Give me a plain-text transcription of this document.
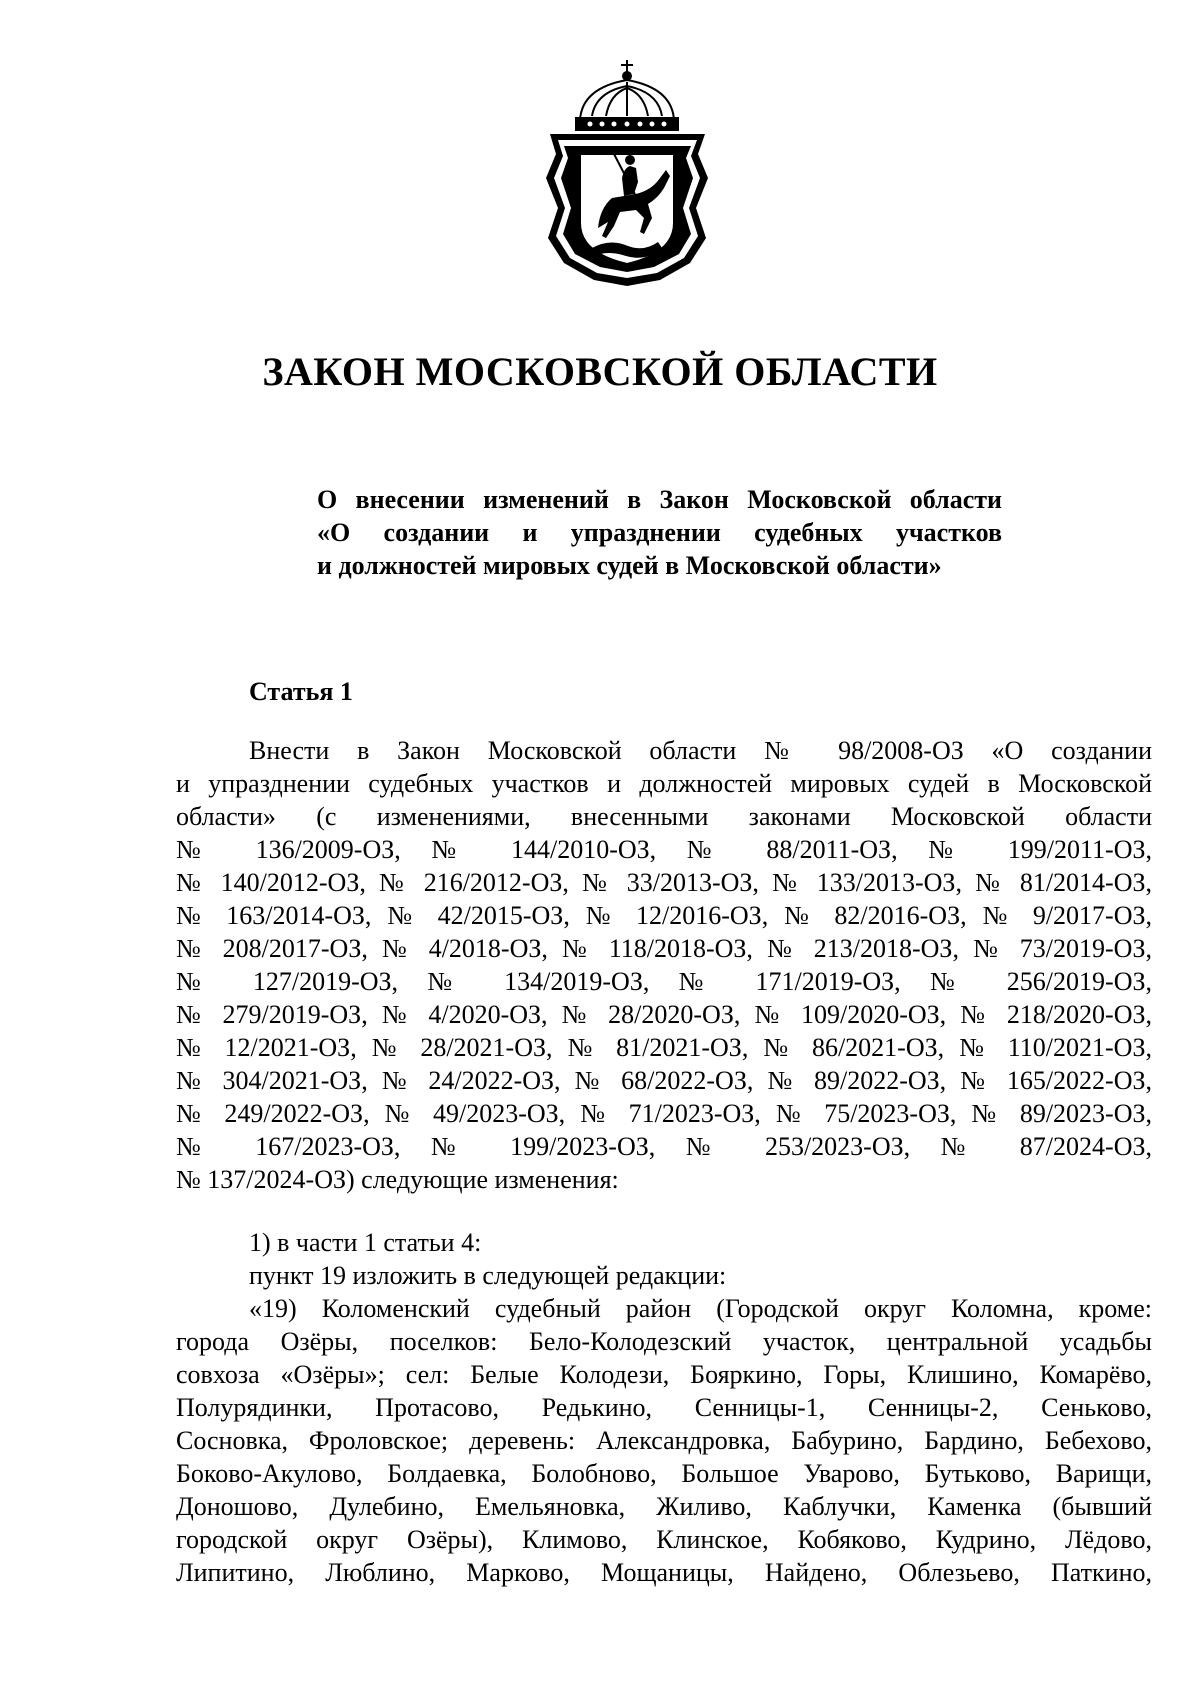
ЗАКОН МОСКОВСКОЙ ОБЛАСТИ
О внесении изменений в Закон Московской области
«О создании и упразднении судебных участков
и должностей мировых судей в Московской области»
Статья 1
Внести в Закон Московской области № 98/2008-ОЗ «О создании
и упразднении судебных участков и должностей мировых судей в Московской
области» (с изменениями, внесенными законами Московской области
№ 136/2009-ОЗ, № 144/2010-ОЗ, № 88/2011-ОЗ, № 199/2011-ОЗ,
№ 140/2012-ОЗ, № 216/2012-ОЗ, № 33/2013-ОЗ, № 133/2013-ОЗ, № 81/2014-ОЗ,
№ 163/2014-ОЗ, № 42/2015-ОЗ, № 12/2016-ОЗ, № 82/2016-ОЗ, № 9/2017-ОЗ,
№ 208/2017-ОЗ, № 4/2018-ОЗ, № 118/2018-ОЗ, № 213/2018-ОЗ, № 73/2019-ОЗ,
№ 127/2019-ОЗ, № 134/2019-ОЗ, № 171/2019-ОЗ, № 256/2019-ОЗ,
№ 279/2019-ОЗ, № 4/2020-ОЗ, № 28/2020-ОЗ, № 109/2020-ОЗ, № 218/2020-ОЗ,
№ 12/2021-ОЗ, № 28/2021-ОЗ, № 81/2021-ОЗ, № 86/2021-ОЗ, № 110/2021-ОЗ,
№ 304/2021-ОЗ, № 24/2022-ОЗ, № 68/2022-ОЗ, № 89/2022-ОЗ, № 165/2022-ОЗ,
№ 249/2022-ОЗ, № 49/2023-ОЗ, № 71/2023-ОЗ, № 75/2023-ОЗ, № 89/2023-ОЗ,
№ 167/2023-ОЗ, № 199/2023-ОЗ, № 253/2023-ОЗ, № 87/2024-ОЗ,
№ 137/2024-ОЗ) следующие изменения:
1) в части 1 статьи 4:
пункт 19 изложить в следующей редакции:
«19) Коломенский судебный район (Городской округ Коломна, кроме:
города Озёры, поселков: Бело-Колодезский участок, центральной усадьбы
совхоза «Озёры»; сел: Белые Колодези, Бояркино, Горы, Клишино, Комарёво,
Полурядинки, Протасово, Редькино, Сенницы-1, Сенницы-2, Сеньково,
Сосновка, Фроловское; деревень: Александровка, Бабурино, Бардино, Бебехово,
Боково-Акулово, Болдаевка, Болобново, Большое Уварово, Бутьково, Варищи,
Доношово, Дулебино, Емельяновка, Жиливо, Каблучки, Каменка (бывший
городской округ Озёры), Климово, Клинское, Кобяково, Кудрино, Лёдово,
Липитино, Люблино, Марково, Мощаницы, Найдено, Облезьево, Паткино,
